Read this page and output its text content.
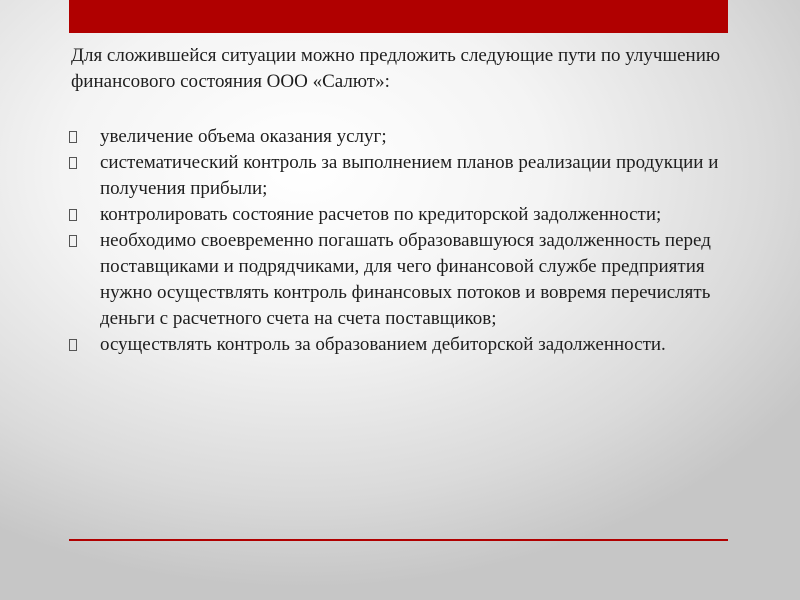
Для сложившейся ситуации можно предложить следующие пути по улучшению финансового состояния ООО «Салют»:

увеличение объема оказания услуг;
систематический контроль за выполнением планов реализации продукции и получения прибыли;
контролировать состояние расчетов по кредиторской задолженности;
необходимо своевременно погашать образовавшуюся задолженность перед поставщиками и подрядчиками, для чего финансовой службе предприятия нужно осуществлять контроль финансовых потоков и вовремя перечислять деньги с расчетного счета на счета поставщиков;
осуществлять контроль за образованием дебиторской задолженности.
